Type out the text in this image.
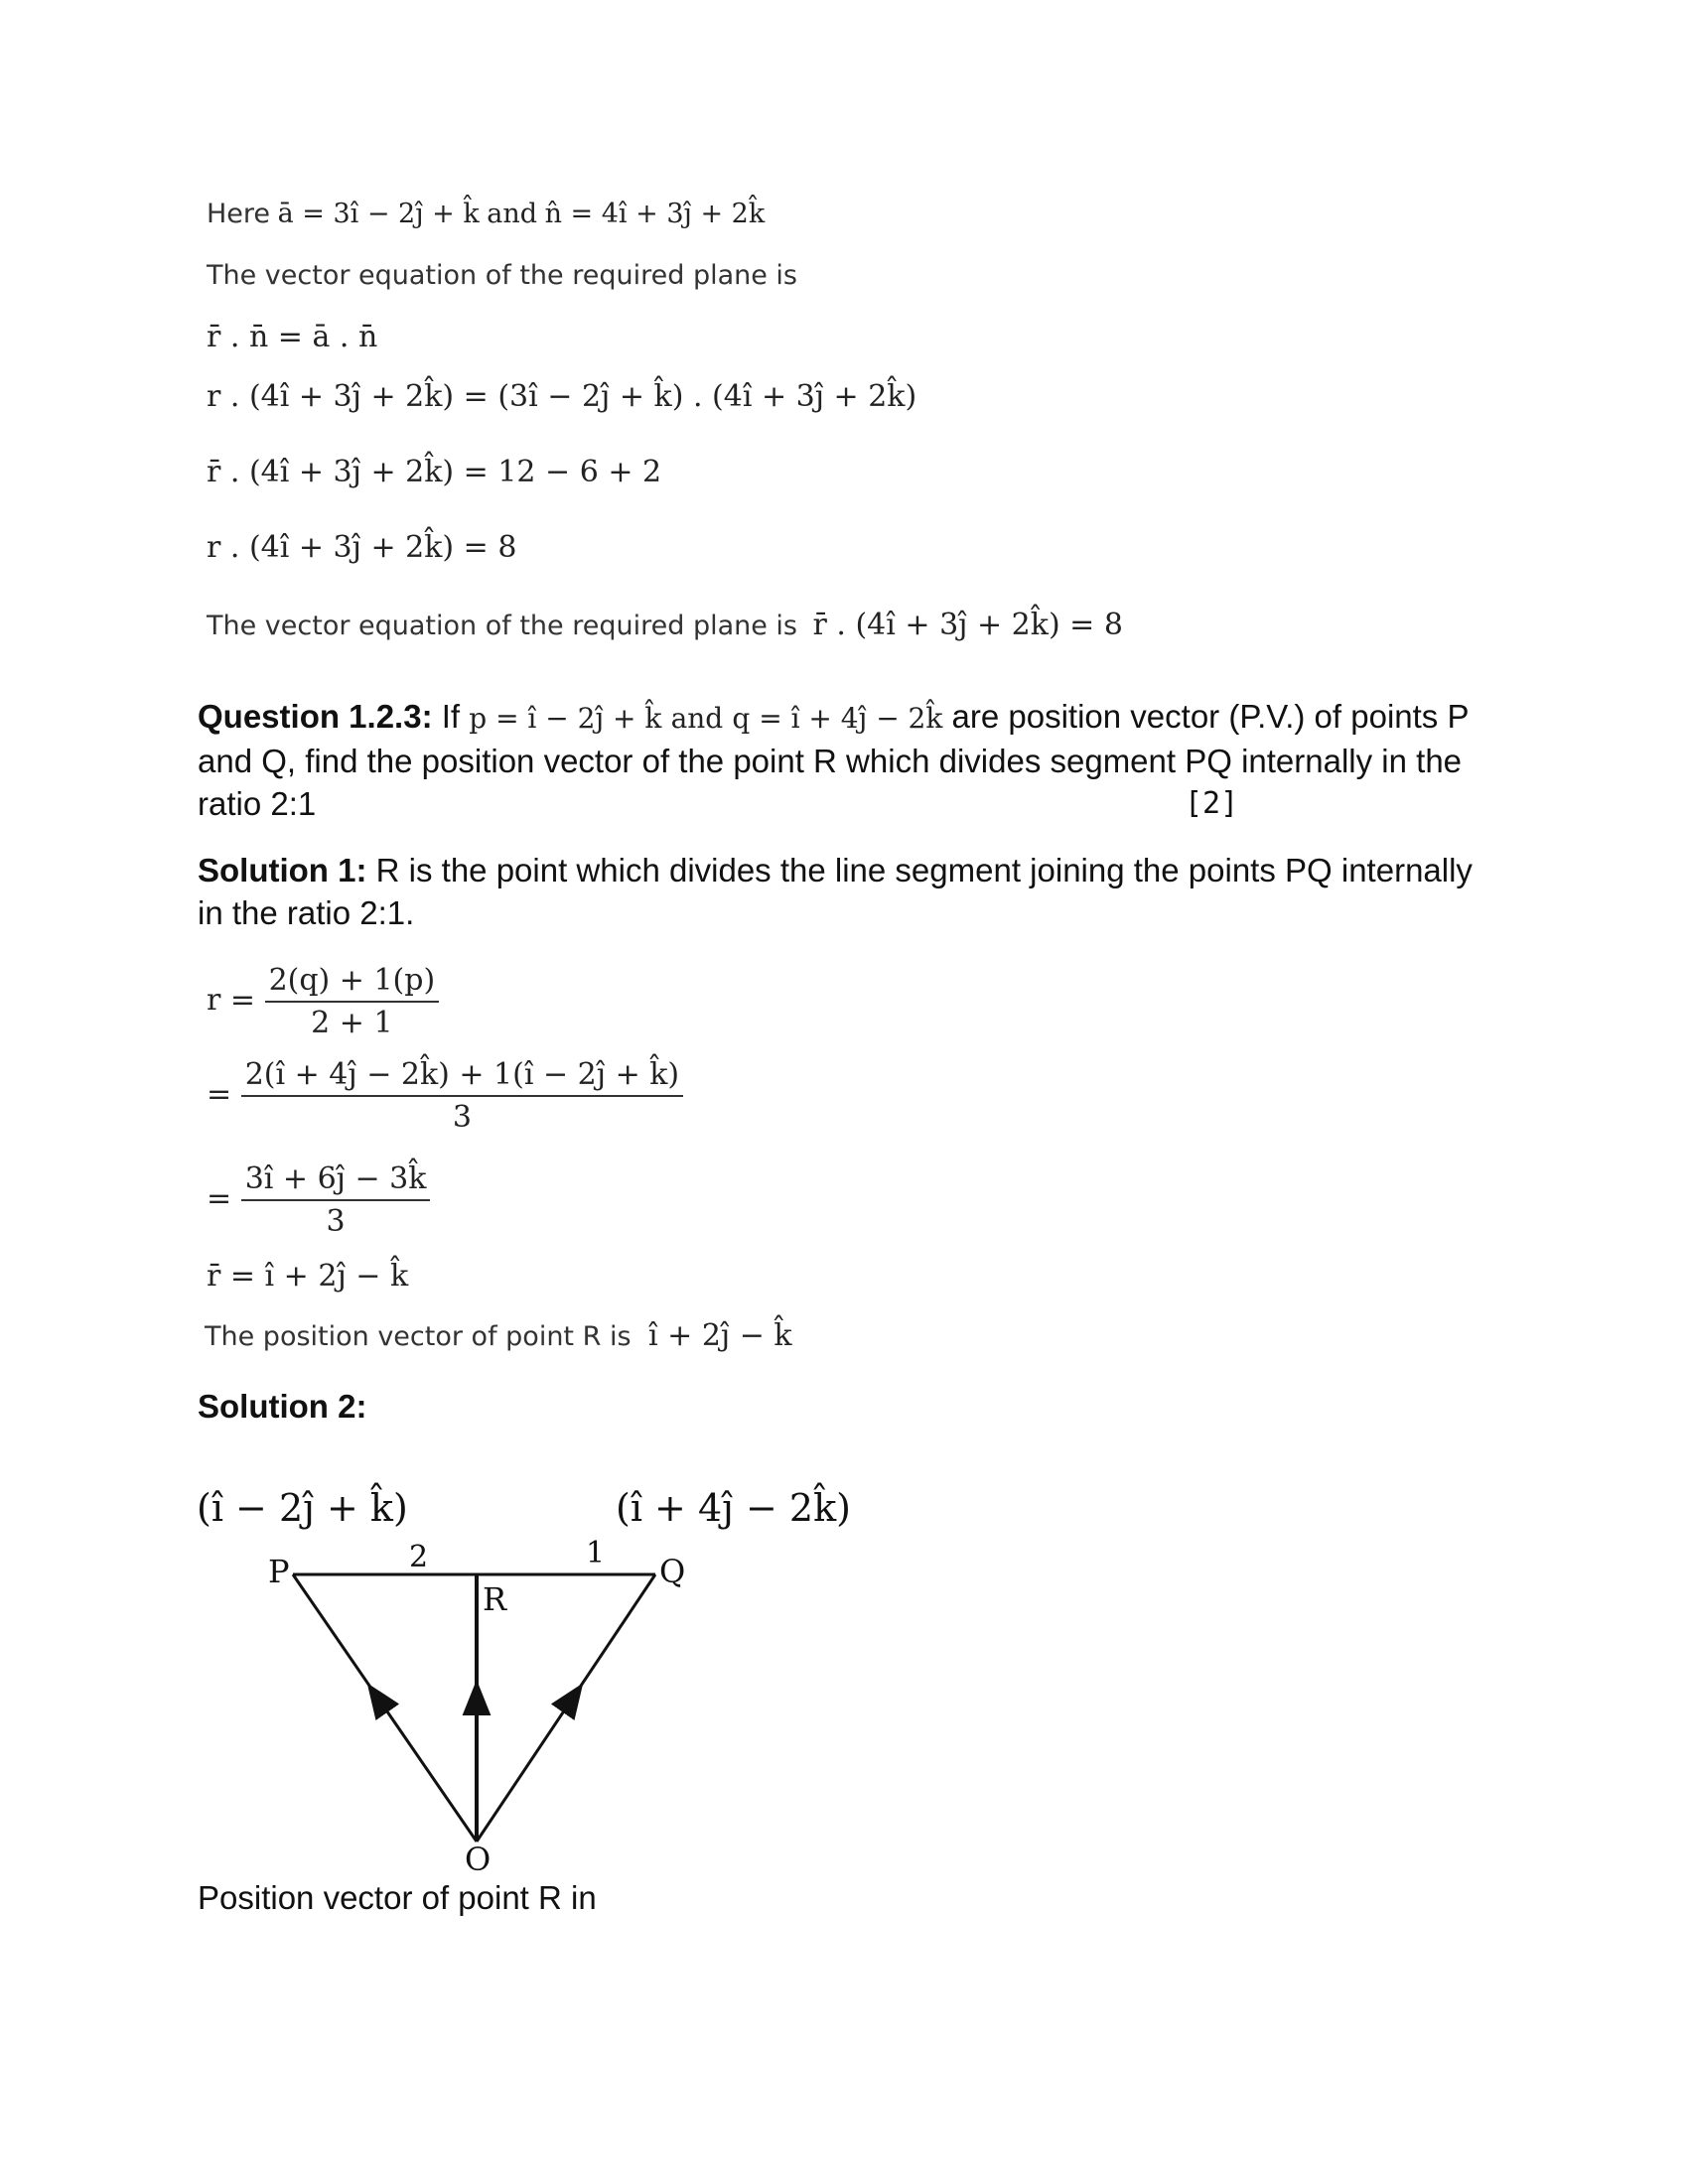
Here ā = 3î − 2ĵ + k̂ and n̂ = 4î + 3ĵ + 2k̂
The vector equation of the required plane is
r̄ . n̄ = ā . n̄
r . (4î + 3ĵ + 2k̂) = (3î − 2ĵ + k̂) . (4î + 3ĵ + 2k̂)
r̄ . (4î + 3ĵ + 2k̂) = 12 − 6 + 2
r . (4î + 3ĵ + 2k̂) = 8
The vector equation of the required plane is r̄ . (4î + 3ĵ + 2k̂) = 8
Question 1.2.3: If p = î − 2ĵ + k̂ and q = î + 4ĵ − 2k̂ are position vector (P.V.) of points P
and Q, find the position vector of the point R which divides segment PQ internally in the
ratio 2:1	[2]
Solution 1: R is the point which divides the line segment joining the points PQ internally in the ratio 2:1.
$r = \frac{2(q) + 1(p)}{2 + 1}$
= $\frac{2(î + 4ĵ - 2k̂) + 1(î - 2ĵ + k̂)}{3}$
= $\frac{3î + 6ĵ - 3k̂}{3}$
r̄ = î + 2ĵ − k̂
The position vector of point R is î + 2ĵ − k̂
Solution 2:
(î − 2ĵ + k̂)	(î + 4ĵ − 2k̂)
P	Q
R
O
2	1
Position vector of point R in
